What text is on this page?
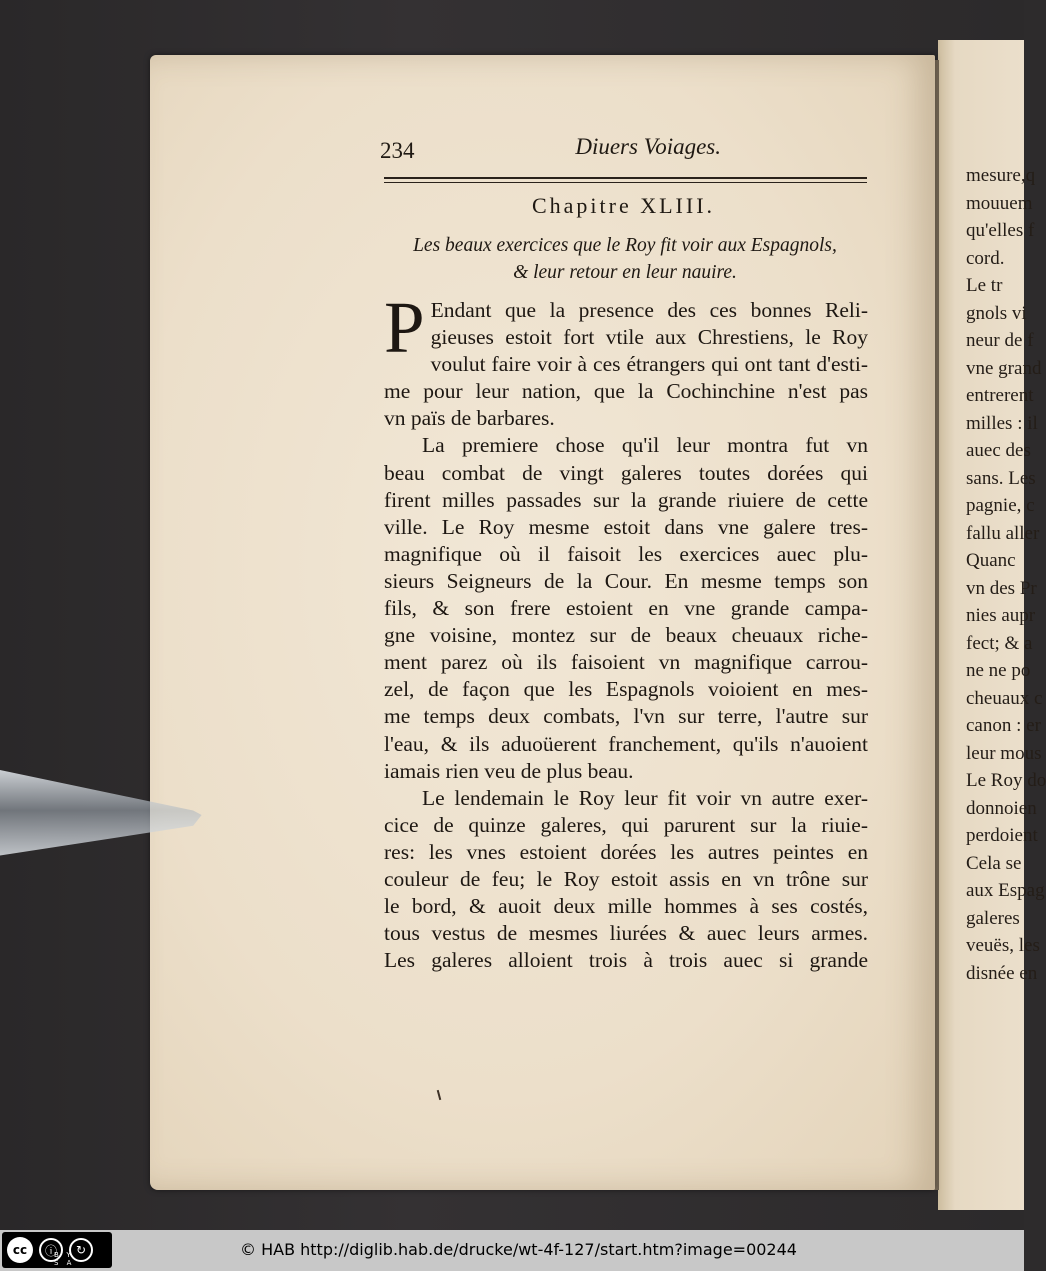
mesure,q
mouuem
qu'elles f
cord.
Le tr
gnols vi
neur de f
vne grand
entrerent
milles : il
auec des
sans. Les
pagnie, c
fallu aller
Quanc
vn des Pr
nies aupr
fect; & a
ne ne po
cheuaux c
canon : er
leur mous
Le Roy do
donnoien
perdoient
Cela se
aux Espag
galeres
veuës, les
disnée en
234	Diuers Voiages.
Chapitre XLIII.
Les beaux exercices que le Roy fit voir aux Espagnols,
& leur retour en leur nauire.
P Endant que la presence des ces bonnes Reli-
gieuses estoit fort vtile aux Chrestiens, le Roy
voulut faire voir à ces étrangers qui ont tant d'esti-
me pour leur nation, que la Cochinchine n'est pas
vn païs de barbares.
La premiere chose qu'il leur montra fut vn
beau combat de vingt galeres toutes dorées qui
firent milles passades sur la grande riuiere de cette
ville. Le Roy mesme estoit dans vne galere tres-
magnifique où il faisoit les exercices auec plu-
sieurs Seigneurs de la Cour. En mesme temps son
fils, & son frere estoient en vne grande campa-
gne voisine, montez sur de beaux cheuaux riche-
ment parez où ils faisoient vn magnifique carrou-
zel, de façon que les Espagnols voioient en mes-
me temps deux combats, l'vn sur terre, l'autre sur
l'eau, & ils aduoüerent franchement, qu'ils n'auoient
iamais rien veu de plus beau.
Le lendemain le Roy leur fit voir vn autre exer-
cice de quinze galeres, qui parurent sur la riuie-
res: les vnes estoient dorées les autres peintes en
couleur de feu; le Roy estoit assis en vn trône sur
le bord, & auoit deux mille hommes à ses costés,
tous vestus de mesmes liurées & auec leurs armes.
Les galeres alloient trois à trois auec si grande
cc	ⓘ	↻
BY SA
© HAB http://diglib.hab.de/drucke/wt-4f-127/start.htm?image=00244
